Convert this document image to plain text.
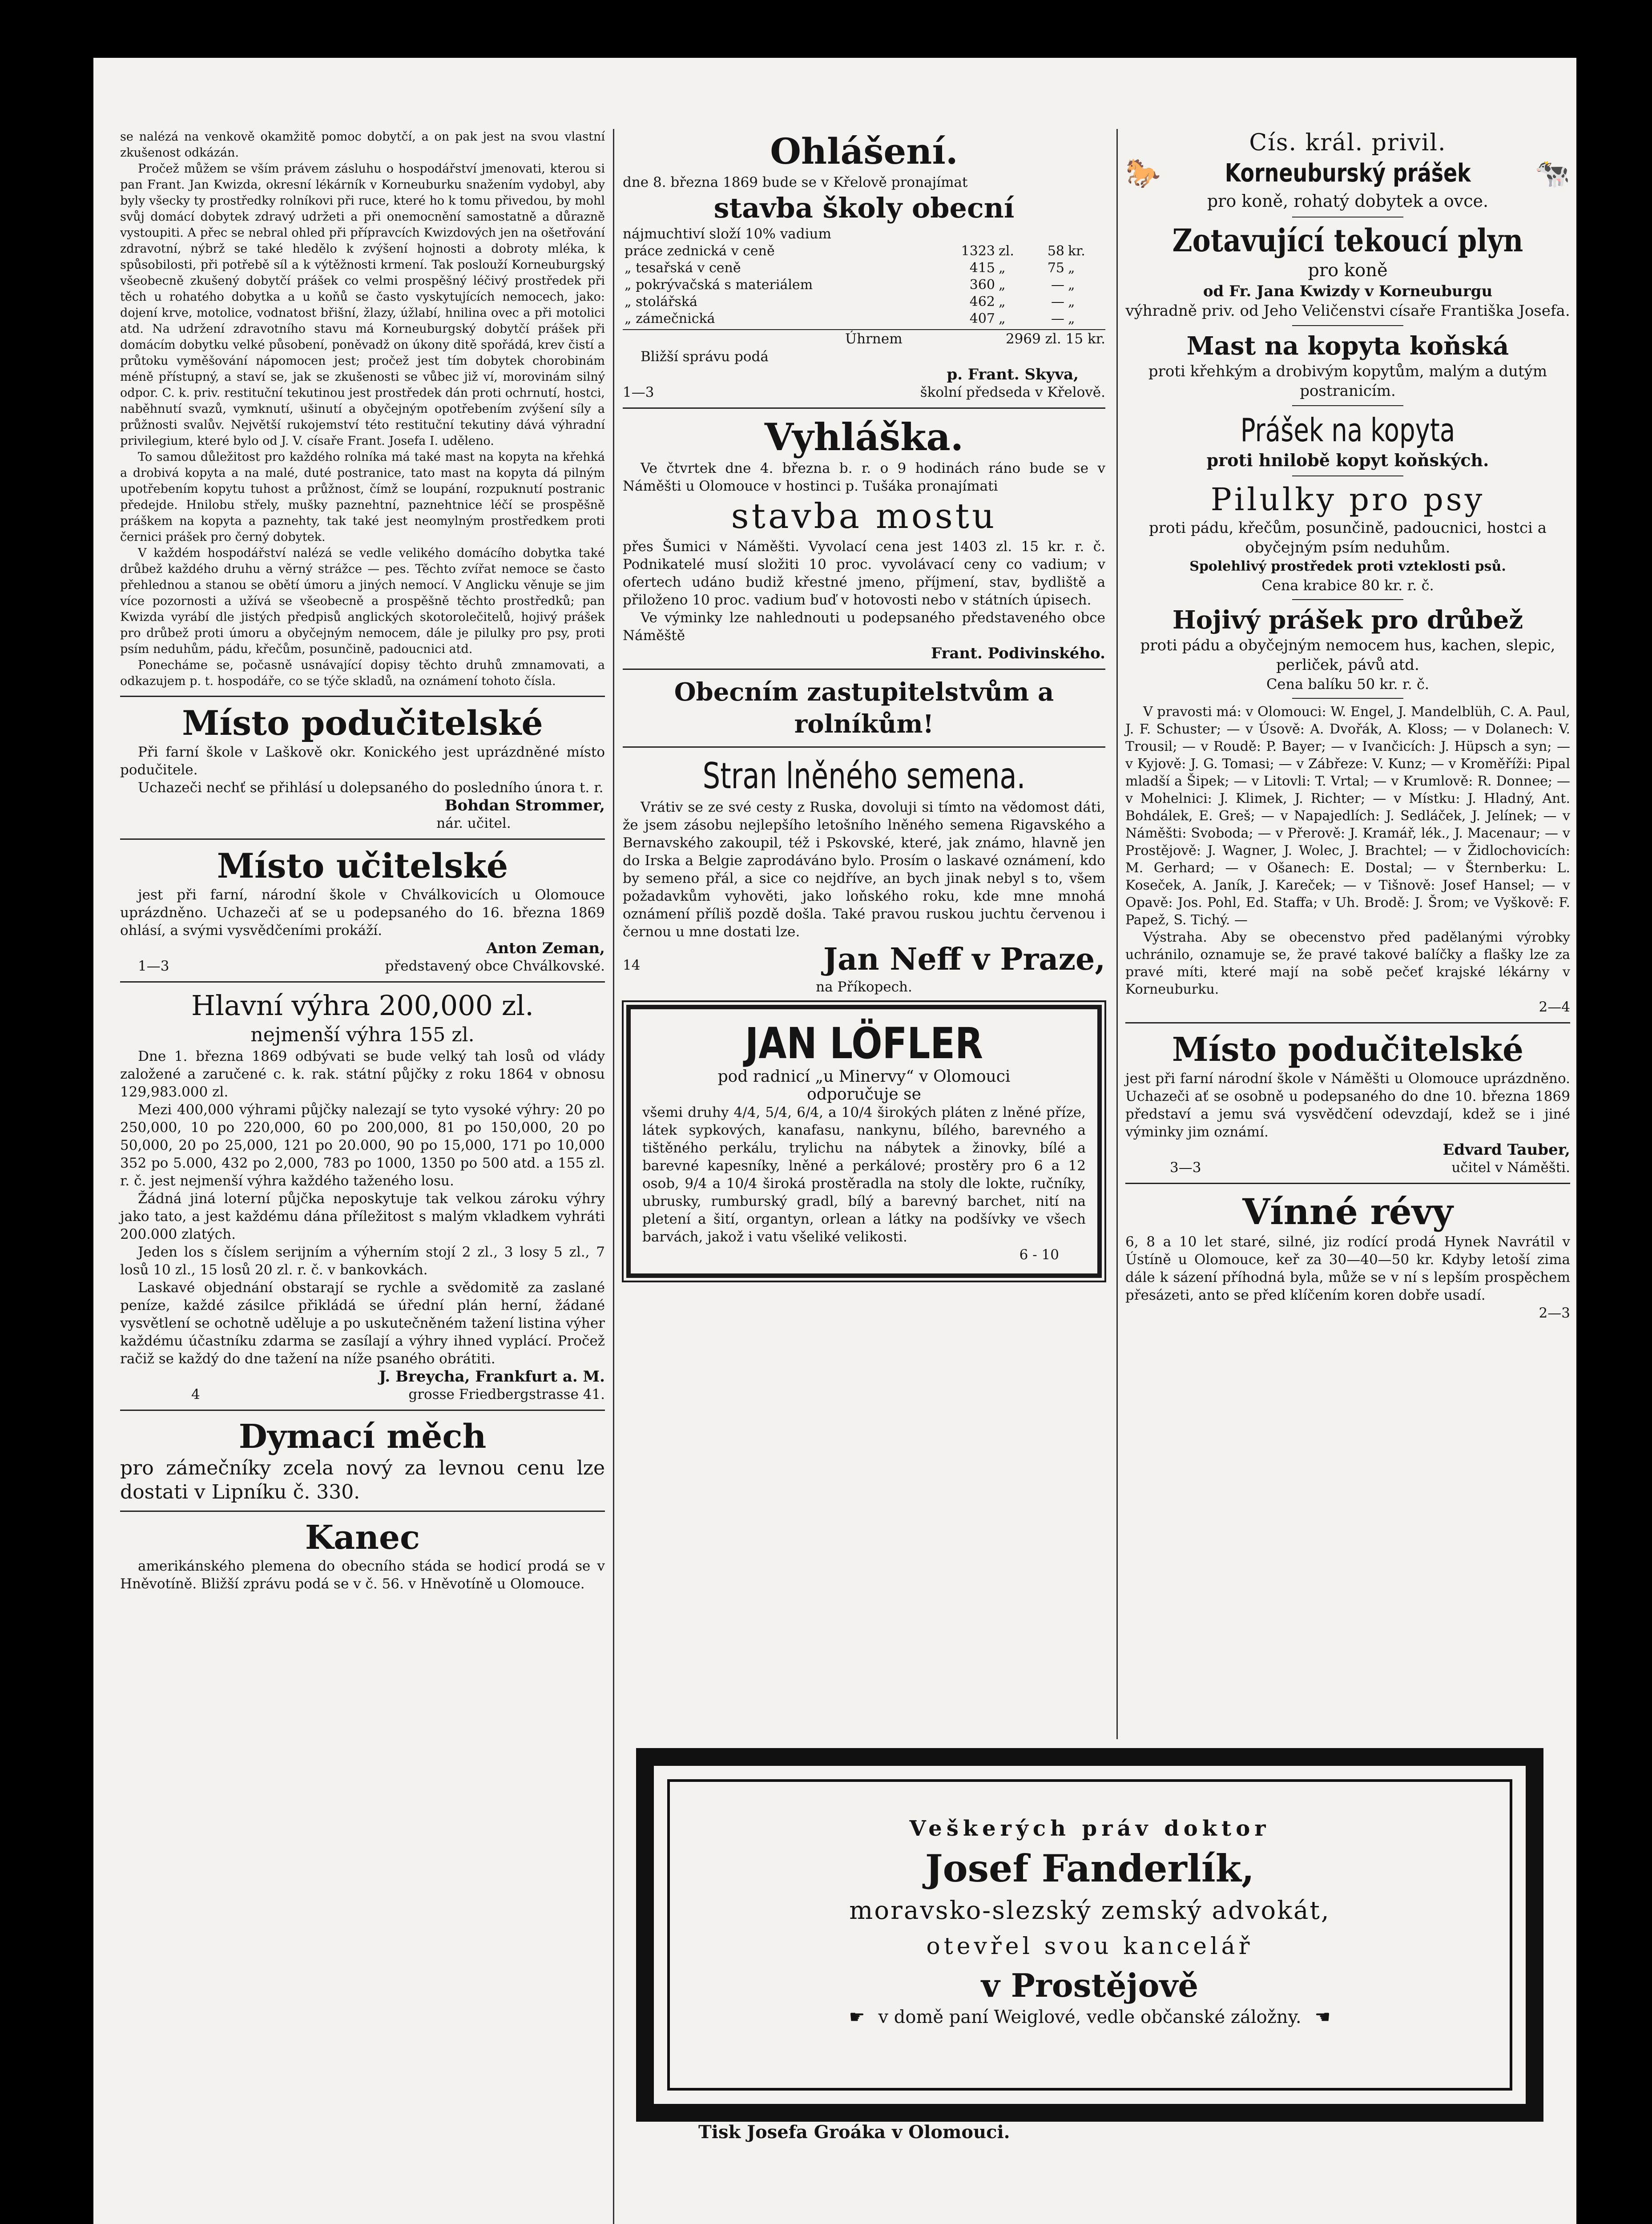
se nalézá na venkově okamžitě pomoc dobytčí, a on pak jest na svou vlastní zkušenost odkázán.

Pročež můžem se vším právem zásluhu o hospodářství jmenovati, kterou si pan Frant. Jan Kwizda, okresní lékárník v Korneuburku snažením vydobyl, aby byly všecky ty prostředky rolníkovi při ruce, které ho k tomu přivedou, by mohl svůj domácí dobytek zdravý udržeti a při onemocnění samostatně a důrazně vystoupiti. A přec se nebral ohled při přípravcích Kwizdových jen na ošetřování zdravotní, nýbrž se také hledělo k zvýšení hojnosti a dobroty mléka, k spůsobilosti, při potřebě síl a k výtěžnosti krmení. Tak poslouží Korneuburgský všeobecně zkušený dobytčí prášek co velmi prospěšný léčivý prostředek při těch u rohatého dobytka a u koňů se často vyskytujících nemocech, jako: dojení krve, motolice, vodnatost břišní, žlazy, úžlabí, hnilina ovec a při motolici atd. Na udržení zdravotního stavu má Korneuburgský dobytčí prášek při domácím dobytku velké působení, poněvadž on úkony ditě spořádá, krev čistí a průtoku vyměšování nápomocen jest; pročež jest tím dobytek chorobinám méně přístupný, a staví se, jak se zkušenosti se vůbec již ví, morovinám silný odpor. C. k. priv. restituční tekutinou jest prostředek dán proti ochrnutí, hostci, naběhnutí svazů, vymknutí, ušinutí a obyčejným opotřebením zvýšení síly a průžnosti svalův. Největší rukojemství této restituční tekutiny dává výhradní privilegium, které bylo od J. V. císaře Frant. Josefa I. uděleno.

To samou důležitost pro každého rolníka má také mast na kopyta na křehká a drobivá kopyta a na malé, duté postranice, tato mast na kopyta dá pilným upotřebením kopytu tuhost a průžnost, čímž se loupání, rozpuknutí postranic předejde. Hnilobu střely, mušky paznehtní, paznehtnice léčí se prospěšně práškem na kopyta a paznehty, tak také jest neomylným prostředkem proti černici prášek pro černý dobytek.

V každém hospodářství nalézá se vedle velikého domácího dobytka také drůbež každého druhu a věrný strážce — pes. Těchto zvířat nemoce se často přehlednou a stanou se obětí úmoru a jiných nemocí. V Anglicku věnuje se jim více pozornosti a užívá se všeobecně a prospěšně těchto prostředků; pan Kwizda vyrábí dle jistých předpisů anglických skotorolečitelů, hojivý prášek pro drůbež proti úmoru a obyčejným nemocem, dále je pilulky pro psy, proti psím neduhům, pádu, křečům, posunčině, padoucnici atd.

Ponecháme se, počasně usnávající dopisy těchto druhů zmnamovati, a odkazujem p. t. hospodáře, co se týče skladů, na oznámení tohoto čísla.

Místo podučitelské

Při farní škole v Laškově okr. Konického jest uprázdněné místo podučitele.

Uchazeči nechť se přihlásí u dolepsaného do posledního února t. r.

Bohdan Strommer,

nár. učitel.

Místo učitelské

jest při farní, národní škole v Chválkovicích u Olomouce uprázdněno. Uchazeči ať se u podepsaného do 16. března 1869 ohlásí, a svými vysvědčeními prokáží.

Anton Zeman,

1—3	představený obce Chválkovské.

Hlavní výhra 200,000 zl.

nejmenší výhra 155 zl.

Dne 1. března 1869 odbývati se bude velký tah losů od vlády založené a zaručené c. k. rak. státní půjčky z roku 1864 v obnosu 129,983.000 zl.

Mezi 400,000 výhrami půjčky nalezají se tyto vysoké výhry: 20 po 250,000, 10 po 220,000, 60 po 200,000, 81 po 150,000, 20 po 50,000, 20 po 25,000, 121 po 20.000, 90 po 15,000, 171 po 10,000 352 po 5.000, 432 po 2,000, 783 po 1000, 1350 po 500 atd. a 155 zl. r. č. jest nejmenší výhra každého taženého losu.

Žádná jiná loterní půjčka neposkytuje tak velkou zároku výhry jako tato, a jest každému dána příležitost s malým vkladkem vyhráti 200.000 zlatých.

Jeden los s číslem serijním a výherním stojí 2 zl., 3 losy 5 zl., 7 losů 10 zl., 15 losů 20 zl. r. č. v bankovkách.

Laskavé objednání obstarají se rychle a svědomitě za zaslané peníze, každé zásilce přikládá se úřední plán herní, žádané vysvětlení se ochotně uděluje a po uskutečněném tažení listina výher každému účastníku zdarma se zasílají a výhry ihned vyplácí. Pročež račiž se každý do dne tažení na níže psaného obrátiti.

J. Breycha, Frankfurt a. M.

4	grosse Friedbergstrasse 41.

Dymací měch

pro zámečníky zcela nový za levnou cenu lze dostati v Lipníku č. 330.

Kanec

amerikánského plemena do obecního stáda se hodicí prodá se v Hněvotíně. Bližší zprávu podá se v č. 56. v Hněvotíně u Olomouce.

Ohlášení.

dne 8. března 1869 bude se v Křelově pronajímat

stavba školy obecní

nájmuchtiví složí 10% vadium

práce zednická v ceně	1323	zl.	58	kr.
„ tesařská v ceně	415	„	75	„
„ pokrývačská s materiálem	360	„	—	„
„ stolářská	462	„	—	„
„ zámečnická	407	„	—	„
Úhrnem	2969 zl. 15 kr.

Bližší správu podá

p. Frant. Skyva,

1—3	školní předseda v Křelově.

Vyhláška.

Ve čtvrtek dne 4. března b. r. o 9 hodinách ráno bude se v Náměšti u Olomouce v hostinci p. Tušáka pronajímati

stavba mostu

přes Šumici v Náměšti. Vyvolací cena jest 1403 zl. 15 kr. r. č. Podnikatelé musí složiti 10 proc. vyvolávací ceny co vadium; v ofertech udáno budiž křestné jmeno, příjmení, stav, bydliště a přiloženo 10 proc. vadium buď v hotovosti nebo v státních úpisech.

Ve výminky lze nahlednouti u podepsaného představeného obce Náměště

Frant. Podivinského.

Obecním zastupitelstvům a rolníkům!

Stran lněného semena.

Vrátiv se ze své cesty z Ruska, dovoluji si tímto na vědomost dáti, že jsem zásobu nejlepšího letošního lněného semena Rigavského a Bernavského zakoupil, též i Pskovské, které, jak známo, hlavně jen do Irska a Belgie zaprodáváno bylo. Prosím o laskavé oznámení, kdo by semeno přál, a sice co nejdříve, an bych jinak nebyl s to, všem požadavkům vyhověti, jako loňského roku, kde mne mnohá oznámení příliš pozdě došla. Také pravou ruskou juchtu červenou i černou u mne dostati lze.

14	Jan Neff v Praze,

na Příkopech.

JAN LÖFLER

pod radnicí „u Minervy“ v Olomouci

odporučuje se

všemi druhy 4/4, 5/4, 6/4, a 10/4 širokých pláten z lněné příze, látek sypkových, kanafasu, nankynu, bílého, barevného a tištěného perkálu, trylichu na nábytek a žinovky, bílé a barevné kapesníky, lněné a perkálové; prostěry pro 6 a 12 osob, 9/4 a 10/4 široká prostěradla na stoly dle lokte, ručníky, ubrusky, rumburský gradl, bílý a barevný barchet, nití na pletení a šití, organtyn, orlean a látky na podšívky ve všech barvách, jakož i vatu všeliké velikosti.

6 - 10

Cís. král. privil.

🐎	Korneuburský prášek 🐄

pro koně, rohatý dobytek a ovce.

Zotavující tekoucí plyn

pro koně

od Fr. Jana Kwizdy v Korneuburgu

výhradně priv. od Jeho Veličenstvi císaře Františka Josefa.

Mast na kopyta koňská

proti křehkým a drobivým kopytům, malým a dutým postranicím.

Prášek na kopyta

proti hnilobě kopyt koňských.

Pilulky pro psy

proti pádu, křečům, posunčině, padoucnici, hostci a obyčejným psím neduhům.

Spolehlivý prostředek proti vzteklosti psů.

Cena krabice 80 kr. r. č.

Hojivý prášek pro drůbež

proti pádu a obyčejným nemocem hus, kachen, slepic, perliček, pávů atd.

Cena balíku 50 kr. r. č.

V pravosti má: v Olomouci: W. Engel, J. Mandelblüh, C. A. Paul, J. F. Schuster; — v Úsově: A. Dvořák, A. Kloss; — v Dolanech: V. Trousil; — v Roudě: P. Bayer; — v Ivančicích: J. Hüpsch a syn; — v Kyjově: J. G. Tomasi; — v Zábřeze: V. Kunz; — v Kroměříži: Pipal mladší a Šipek; — v Litovli: T. Vrtal; — v Krumlově: R. Donnee; — v Mohelnici: J. Klimek, J. Richter; — v Místku: J. Hladný, Ant. Bohdálek, E. Greš; — v Napajedlích: J. Sedláček, J. Jelínek; — v Náměšti: Svoboda; — v Přerově: J. Kramář, lék., J. Macenaur; — v Prostějově: J. Wagner, J. Wolec, J. Brachtel; — v Židlochovicích: M. Gerhard; — v Ošanech: E. Dostal; — v Šternberku: L. Koseček, A. Janík, J. Kareček; — v Tišnově: Josef Hansel; — v Opavě: Jos. Pohl, Ed. Staffa; v Uh. Brodě: J. Šrom; ve Vyškově: F. Papež, S. Tichý. —

Výstraha. Aby se obecenstvo před padělanými výrobky uchránilo, oznamuje se, že pravé takové balíčky a flašky lze za pravé míti, které mají na sobě pečeť krajské lékárny v Korneuburku.

2—4

Místo podučitelské

jest při farní národní škole v Náměšti u Olomouce uprázdněno. Uchazeči ať se osobně u podepsaného do dne 10. března 1869 představí a jemu svá vysvědčení odevzdají, kdež se i jiné výminky jim oznámí.

Edvard Tauber,

3—3	učitel v Náměšti.

Vínné révy

6, 8 a 10 let staré, silné, jiz rodící prodá Hynek Navrátil v Ústíně u Olomouce, keř za 30—40—50 kr. Kdyby letoší zima dále k sázení příhodná byla, může se v ní s lepším prospěchem přesázeti, anto se před klíčením koren dobře usadí.

2—3

Veškerých práv doktor

Josef Fanderlík,

moravsko-slezský zemský advokát,

otevřel svou kancelář

v Prostějově

☛ v domě paní Weiglové, vedle občanské záložny. ☚

Tisk Josefa Groáka v Olomouci.
